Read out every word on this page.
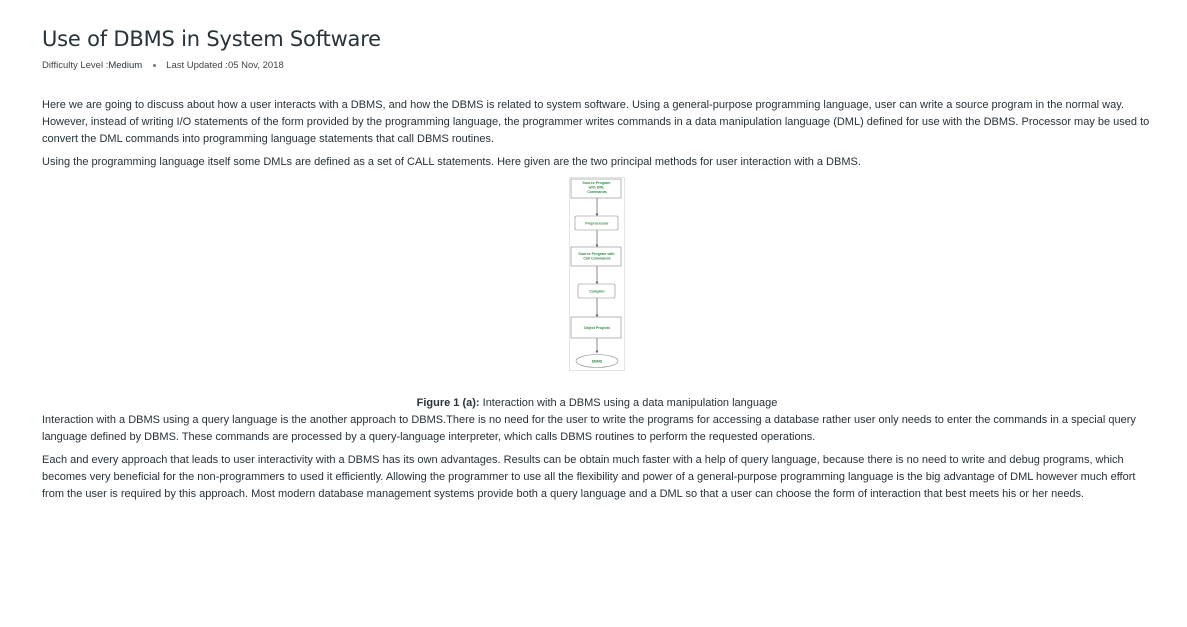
Use of DBMS in System Software
Difficulty Level : Medium	Last Updated : 05 Nov, 2018

Here we are going to discuss about how a user interacts with a DBMS, and how the DBMS is related to system software. Using a general-purpose programming language, user can write a source program in the normal way. However, instead of writing I/O statements of the form provided by the programming language, the programmer writes commands in a data manipulation language (DML) defined for use with the DBMS. Processor may be used to convert the DML commands into programming language statements that call DBMS routines.

Using the programming language itself some DMLs are defined as a set of CALL statements. Here given are the two principal methods for user interaction with a DBMS.

Source Program with DML Commands
Preprocessor
Source Program with Call Commands
Compiler
Object Projects
DBMS
Figure 1 (a): Interaction with a DBMS using a data manipulation language

Interaction with a DBMS using a query language is the another approach to DBMS.There is no need for the user to write the programs for accessing a database rather user only needs to enter the commands in a special query language defined by DBMS. These commands are processed by a query-language interpreter, which calls DBMS routines to perform the requested operations.

Each and every approach that leads to user interactivity with a DBMS has its own advantages. Results can be obtain much faster with a help of query language, because there is no need to write and debug programs, which becomes very beneficial for the non-programmers to used it efficiently. Allowing the programmer to use all the flexibility and power of a general-purpose programming language is the big advantage of DML however much effort from the user is required by this approach. Most modern database management systems provide both a query language and a DML so that a user can choose the form of interaction that best meets his or her needs.
